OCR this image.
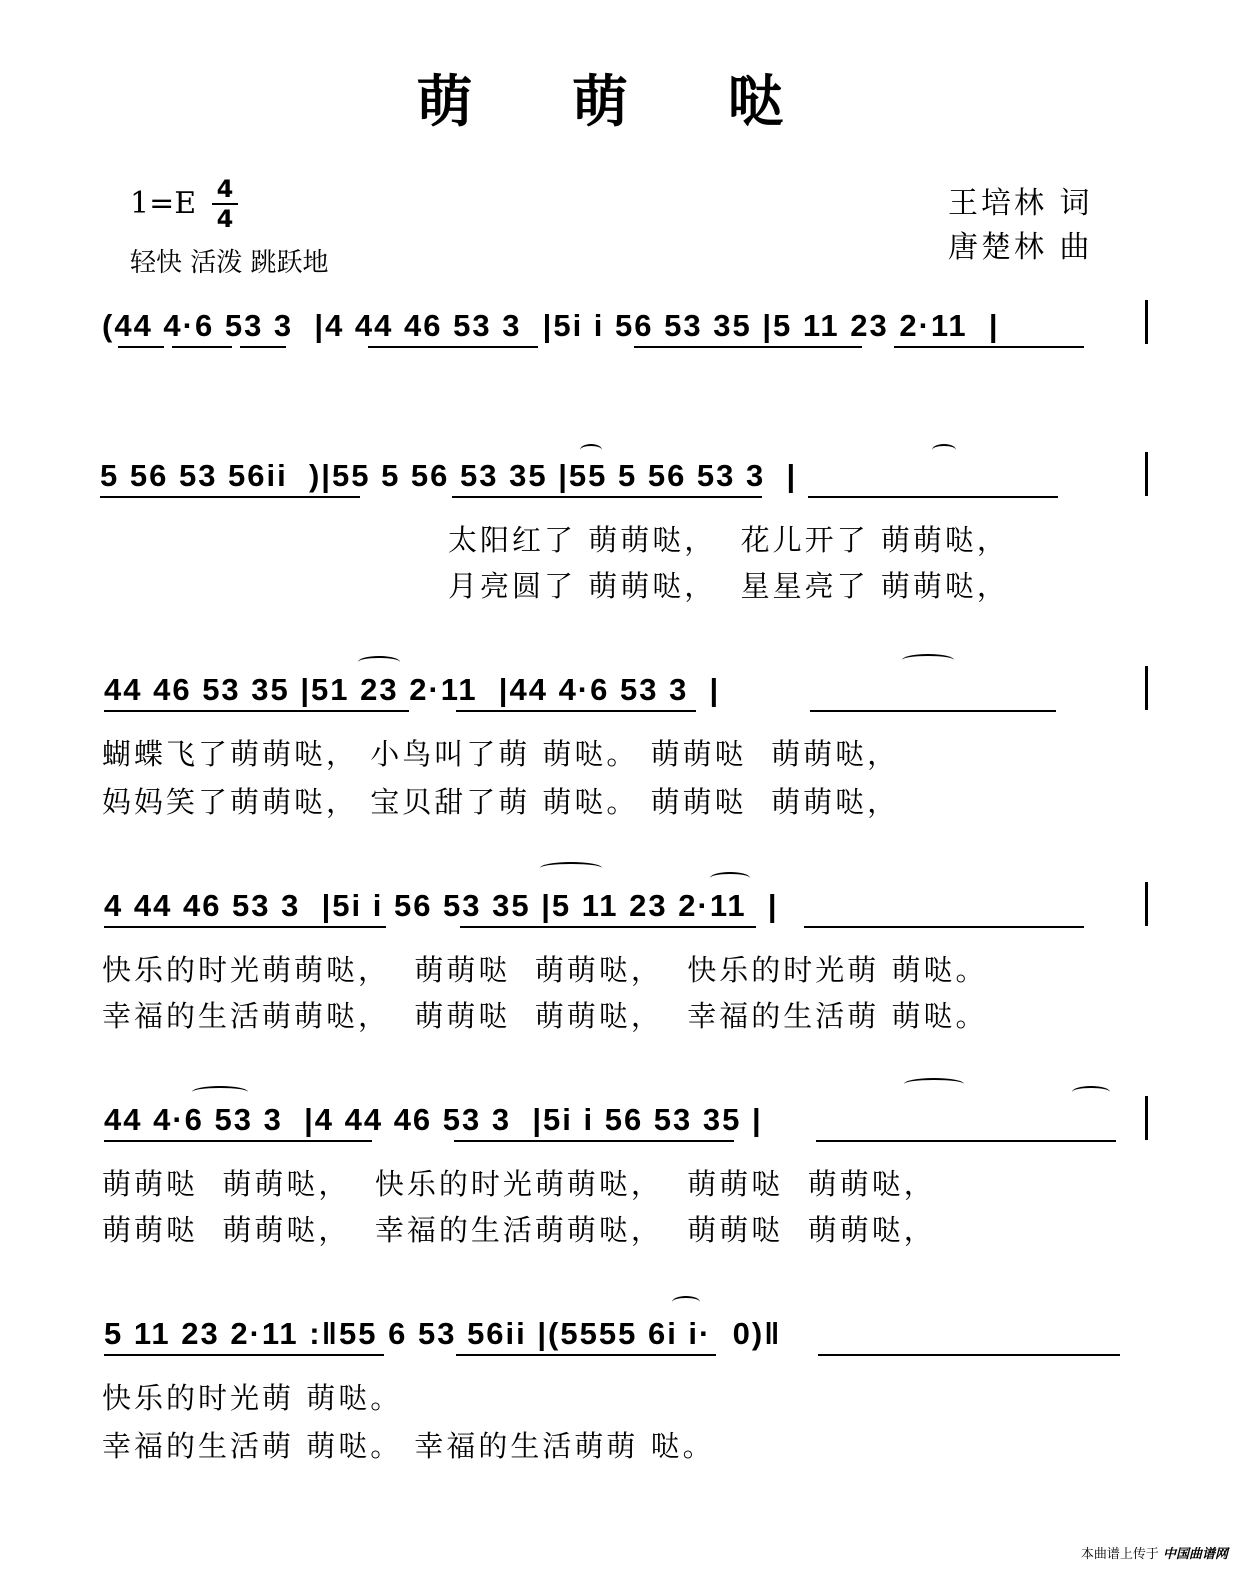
萌 萌 哒
1=E 4
4
轻快 活泼 跳跃地
王培林 词
唐楚林 曲
(44 4·6 53 3  |4 44 46 53 3  |5i i 56 53 35 |5 11 23 2·11  |
5 56 53 56ii  )|55 5 56 53 35 |55 5 56 53 3  |
太阳红了 萌萌哒，  花儿开了 萌萌哒，
月亮圆了 萌萌哒，  星星亮了 萌萌哒，
44 46 53 35 |51 23 2·11  |44 4·6 53 3  |
蝴蝶飞了萌萌哒， 小鸟叫了萌 萌哒。 萌萌哒  萌萌哒，
妈妈笑了萌萌哒， 宝贝甜了萌 萌哒。 萌萌哒  萌萌哒，
4 44 46 53 3  |5i i 56 53 35 |5 11 23 2·11  |
快乐的时光萌萌哒，  萌萌哒  萌萌哒，  快乐的时光萌 萌哒。
幸福的生活萌萌哒，  萌萌哒  萌萌哒，  幸福的生活萌 萌哒。
44 4·6 53 3  |4 44 46 53 3  |5i i 56 53 35 |
萌萌哒  萌萌哒，  快乐的时光萌萌哒，  萌萌哒  萌萌哒，
萌萌哒  萌萌哒，  幸福的生活萌萌哒，  萌萌哒  萌萌哒，
5 11 23 2·11 :‖55 6 53 56ii |(5555 6i i·  0)‖
快乐的时光萌 萌哒。
幸福的生活萌 萌哒。 幸福的生活萌萌 哒。
本曲谱上传于 中国曲谱网
